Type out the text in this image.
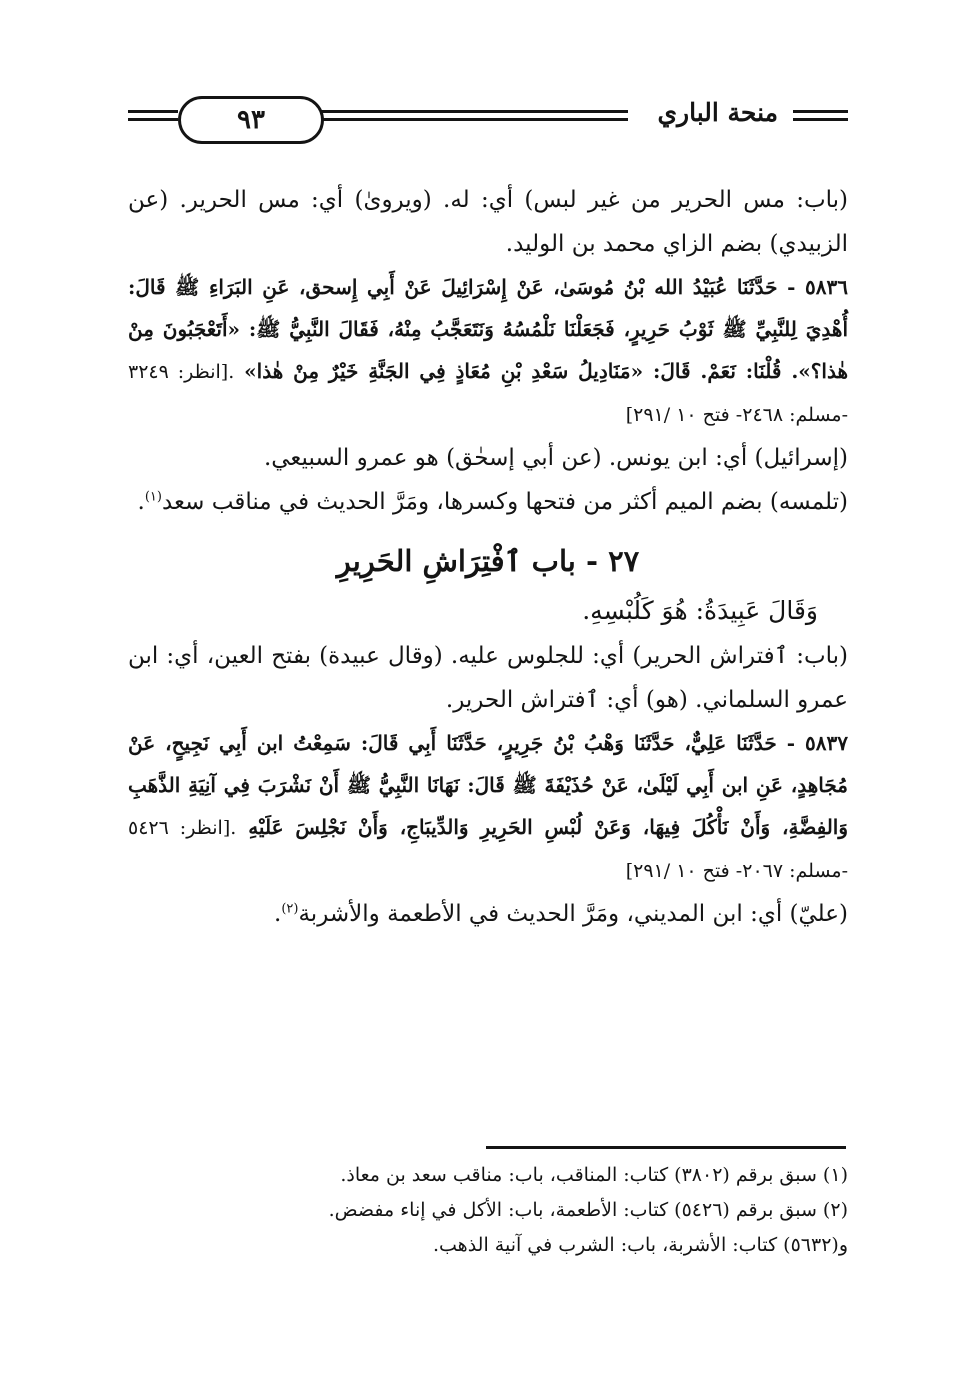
٩٣	منحة الباري

(باب: مس الحرير من غير لبس) أي: له. (ويروىٰ) أي: مس الحرير. (عن الزبيدي) بضم الزاي محمد بن الوليد.

٥٨٣٦ - حَدَّثَنَا عُبَيْدُ الله بْنُ مُوسَىٰ، عَنْ إِسْرَائِيلَ عَنْ أَبِي إِسحق، عَنِ البَرَاءِ ﷺ قَالَ: أُهْدِيَ لِلنَّبِيِّ ﷺ ثَوْبُ حَرِيرٍ، فَجَعَلْنَا نَلْمُسُهُ وَنَتَعَجَّبُ مِنْهُ، فَقَالَ النَّبِيُّ ﷺ: «أَتَعْجَبُونَ مِنْ هٰذا؟». قُلْنَا: نَعَمْ. قَالَ: «مَنَادِيلُ سَعْدِ بْنِ مُعَاذٍ فِي الجَنَّةِ خَيْرٌ مِنْ هٰذا» .[انظر: ٣٢٤٩ -مسلم: ٢٤٦٨- فتح ١٠ /٢٩١]

(إسرائيل) أي: ابن يونس. (عن أبي إسحٰق) هو عمرو السبيعي.

(تلمسه) بضم الميم أكثر من فتحها وكسرها، ومَرَّ الحديث في مناقب سعد$^{(١)}$.

٢٧ - باب ٱفْتِرَاشِ الحَرِيرِ

وَقَالَ عَبِيدَةُ: هُوَ كَلُبْسِهِ.

(باب: ٱفتراش الحرير) أي: للجلوس عليه. (وقال عبيدة) بفتح العين، أي: ابن عمرو السلماني. (هو) أي: ٱفتراش الحرير.

٥٨٣٧ - حَدَّثَنَا عَلِيٌّ، حَدَّثَنَا وَهْبُ بْنُ جَرِيرٍ، حَدَّثَنَا أَبِي قَالَ: سَمِعْتُ ابن أَبِي نَجِيحٍ، عَنْ مُجَاهِدٍ، عَنِ ابن أَبِي لَيْلَىٰ، عَنْ حُذَيْفَةَ ﷺ قَالَ: نَهَانَا النَّبِيُّ ﷺ أَنْ نَشْرَبَ فِي آنِيَةِ الذَّهَبِ وَالفِضَّةِ، وَأَنْ نَأْكُلَ فِيهَا، وَعَنْ لُبْسِ الحَرِيرِ وَالدِّيبَاجِ، وَأَنْ نَجْلِسَ عَلَيْهِ .[انظر: ٥٤٢٦ -مسلم: ٢٠٦٧- فتح ١٠ /٢٩١]

(عليّ) أي: ابن المديني، ومَرَّ الحديث في الأطعمة والأشربة$^{(٢)}$.

(١) سبق برقم (٣٨٠٢) كتاب: المناقب، باب: مناقب سعد بن معاذ.

(٢) سبق برقم (٥٤٢٦) كتاب: الأطعمة، باب: الأكل في إناء مفضض.

و(٥٦٣٢) كتاب: الأشربة، باب: الشرب في آنية الذهب.
